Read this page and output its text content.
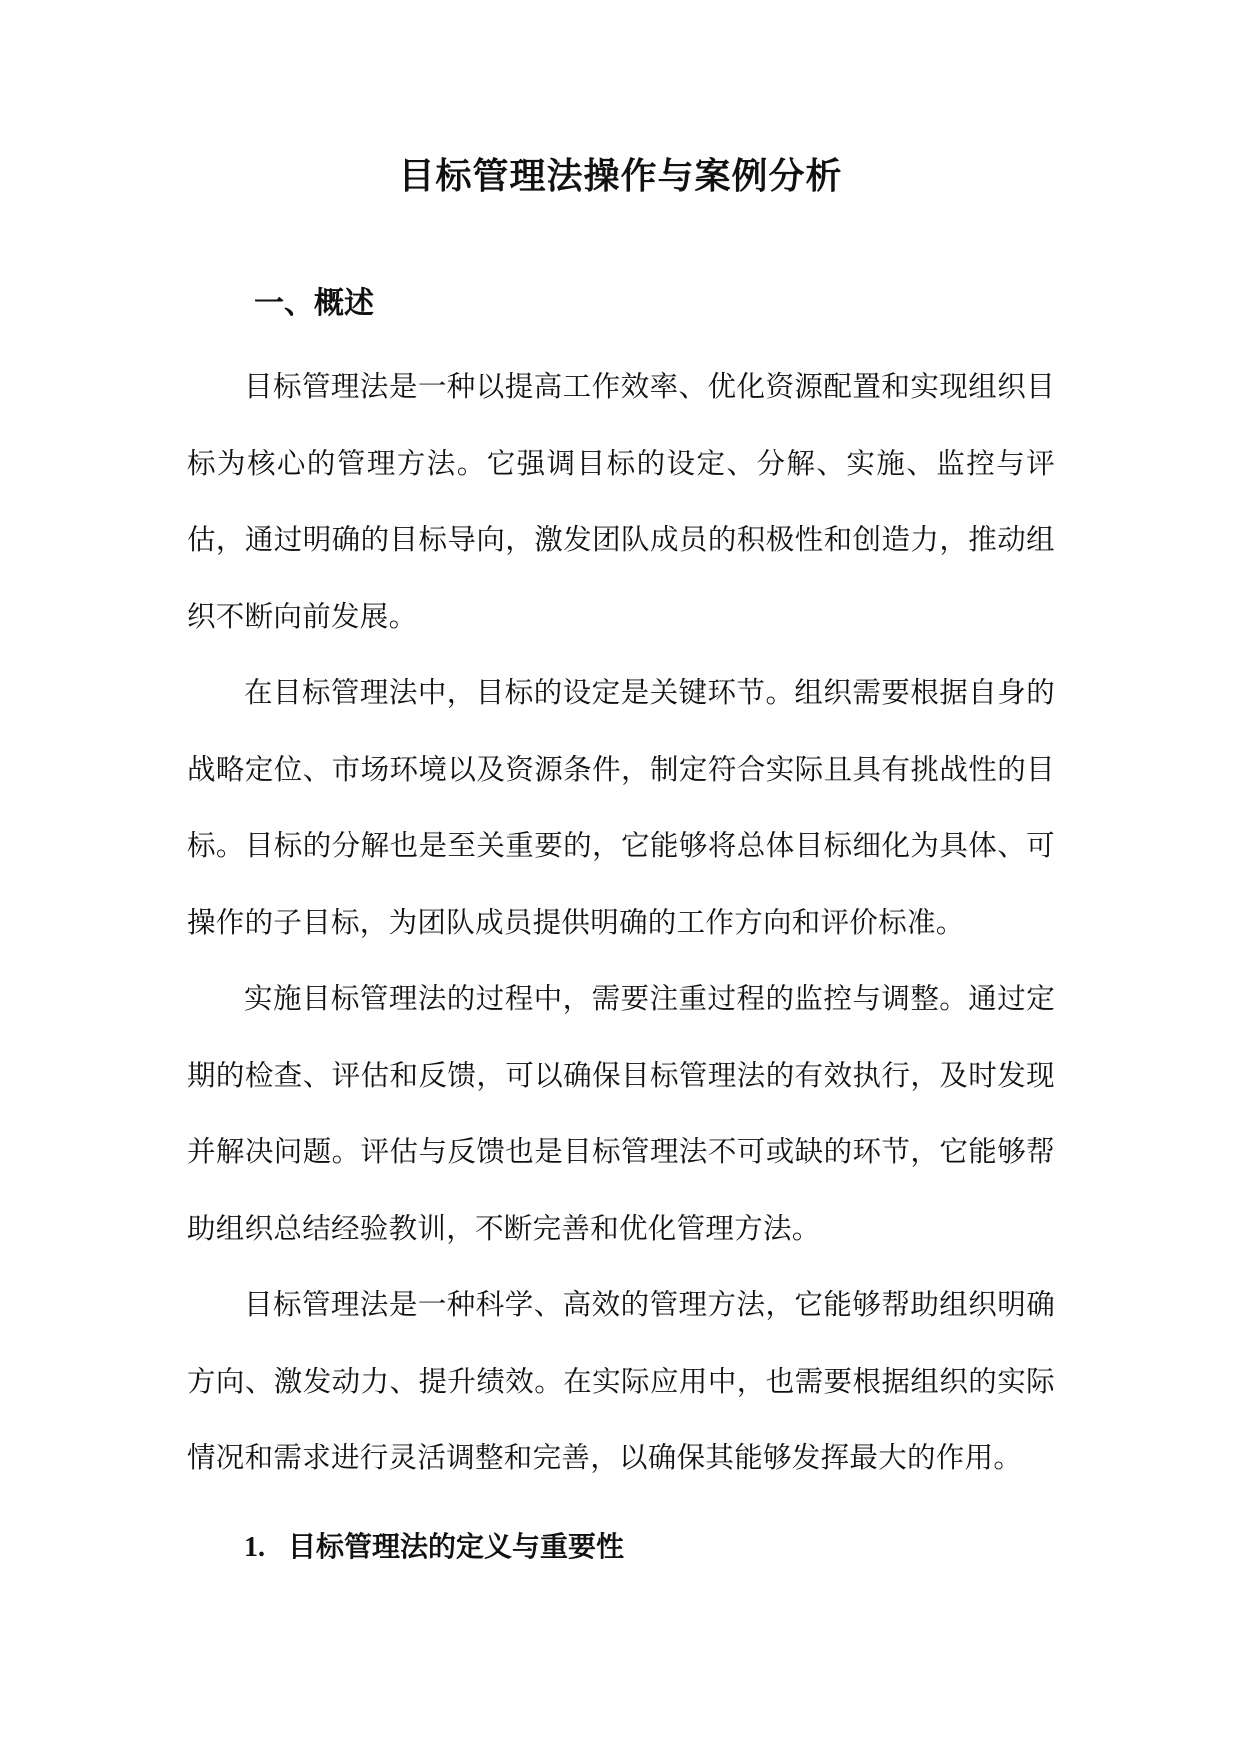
目标管理法操作与案例分析
一、概述

目标管理法是一种以提高工作效率、优化资源配置和实现组织目标为核心的管理方法。它强调目标的设定、分解、实施、监控与评估，通过明确的目标导向，激发团队成员的积极性和创造力，推动组织不断向前发展。

在目标管理法中，目标的设定是关键环节。组织需要根据自身的战略定位、市场环境以及资源条件，制定符合实际且具有挑战性的目标。目标的分解也是至关重要的，它能够将总体目标细化为具体、可操作的子目标，为团队成员提供明确的工作方向和评价标准。

实施目标管理法的过程中，需要注重过程的监控与调整。通过定期的检查、评估和反馈，可以确保目标管理法的有效执行，及时发现并解决问题。评估与反馈也是目标管理法不可或缺的环节，它能够帮助组织总结经验教训，不断完善和优化管理方法。

目标管理法是一种科学、高效的管理方法，它能够帮助组织明确方向、激发动力、提升绩效。在实际应用中，也需要根据组织的实际情况和需求进行灵活调整和完善，以确保其能够发挥最大的作用。

1. 目标管理法的定义与重要性
